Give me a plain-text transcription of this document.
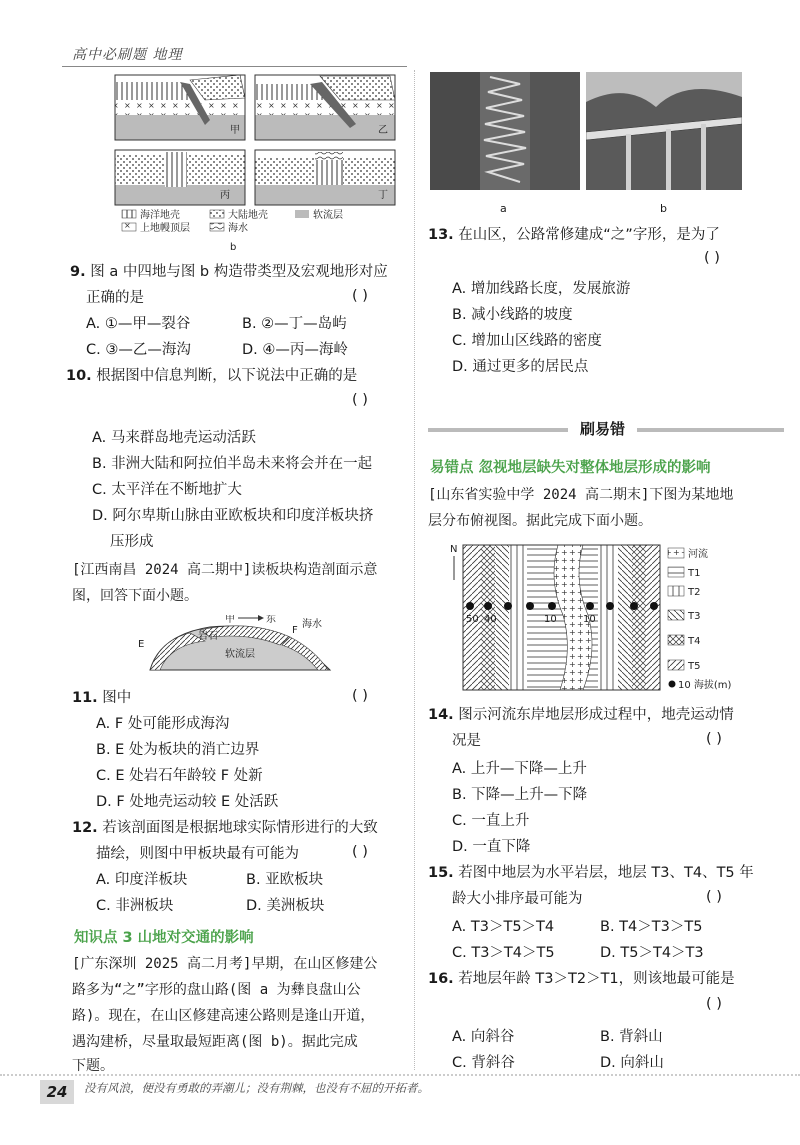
高中必刷题 地理
甲	乙
丙	丁
海洋地壳	大陆地壳	软流层
上地幔顶层	海水
b
9. 图 a 中四地与图 b 构造带类型及宏观地形对应
正确的是	( )
A. ①—甲—裂谷	B. ②—丁—岛屿
C. ③—乙—海沟	D. ④—丙—海岭
10. 根据图中信息判断，以下说法中正确的是
( )
A. 马来群岛地壳运动活跃
B. 非洲大陆和阿拉伯半岛未来将会并在一起
C. 太平洋在不断地扩大
D. 阿尔卑斯山脉由亚欧板块和印度洋板块挤
压形成
[江西南昌 2024 高二期中]读板块构造剖面示意
图，回答下面小题。
甲	东
岩石
F
海水
E
软流层
11. 图中	( )
A. F 处可能形成海沟
B. E 处为板块的消亡边界
C. E 处岩石年龄较 F 处新
D. F 处地壳运动较 E 处活跃
12. 若该剖面图是根据地球实际情形进行的大致
描绘，则图中甲板块最有可能为	( )
A. 印度洋板块	B. 亚欧板块
C. 非洲板块	D. 美洲板块
知识点 3 山地对交通的影响
[广东深圳 2025 高二月考]早期，在山区修建公
路多为“之”字形的盘山路(图 a 为彝良盘山公
路)。现在，在山区修建高速公路则是逢山开道，
遇沟建桥，尽量取最短距离(图 b)。据此完成
下题。
a	b
13. 在山区，公路常修建成“之”字形，是为了
( )
A. 增加线路长度，发展旅游
B. 减小线路的坡度
C. 增加山区线路的密度
D. 通过更多的居民点
刷易错
易错点 忽视地层缺失对整体地层形成的影响
[山东省实验中学 2024 高二期末]下图为某地地
层分布俯视图。据此完成下面小题。
N
50 40	10	10
河流
T1
T2
T3
T4
T5
10 海拔(m)
14. 图示河流东岸地层形成过程中，地壳运动情
况是	( )
A. 上升—下降—上升
B. 下降—上升—下降
C. 一直上升
D. 一直下降
15. 若图中地层为水平岩层，地层 T3、T4、T5 年
龄大小排序最可能为	( )
A. T3＞T5＞T4	B. T4＞T3＞T5
C. T3＞T4＞T5	D. T5＞T4＞T3
16. 若地层年龄 T3＞T2＞T1，则该地最可能是
( )
A. 向斜谷	B. 背斜山
C. 背斜谷	D. 向斜山
24	没有风浪，便没有勇敢的弄潮儿；没有荆棘，也没有不屈的开拓者。
